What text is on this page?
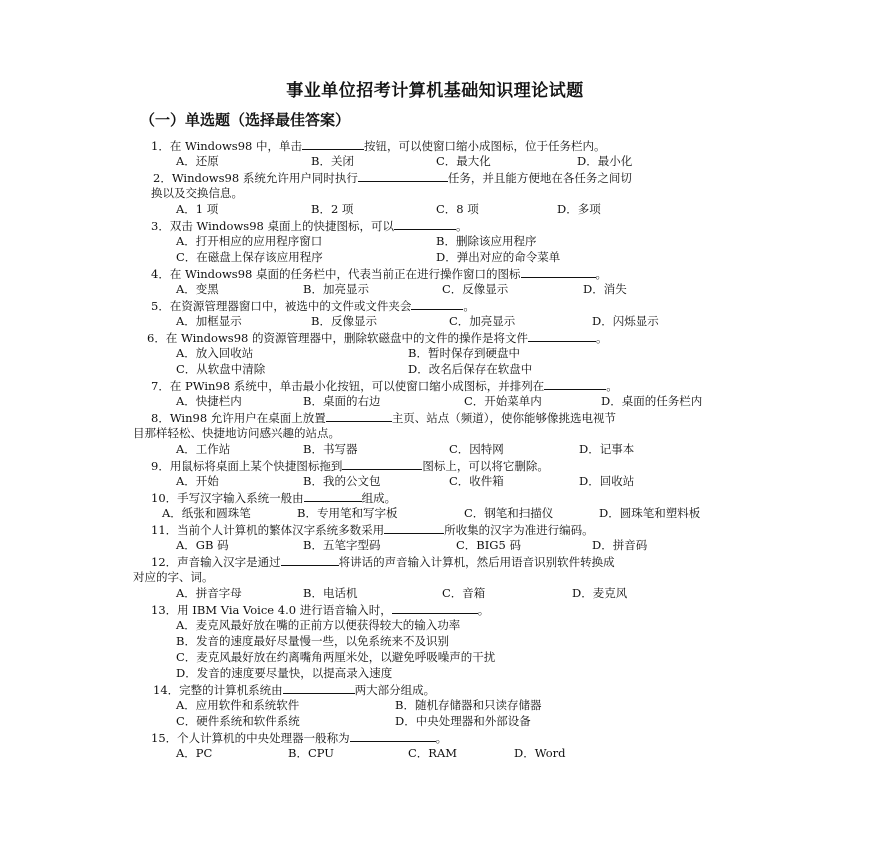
事业单位招考计算机基础知识理论试题
（一）单选题（选择最佳答案）
1．在 Windows98 中，单击	按钮，可以使窗口缩小成图标，位于任务栏内。
A．还原	B．关闭	C．最大化	D．最小化
2．Windows98 系统允许用户同时执行	任务，并且能方便地在各任务之间切
换以及交换信息。
A．1 项	B．2 项	C．8 项	D．多项
3．双击 Windows98 桌面上的快捷图标，可以	。
A．打开相应的应用程序窗口	B．删除该应用程序
C．在磁盘上保存该应用程序	D．弹出对应的命令菜单
4．在 Windows98 桌面的任务栏中，代表当前正在进行操作窗口的图标	。
A．变黑	B．加亮显示	C．反像显示	D．消失
5．在资源管理器窗口中，被选中的文件或文件夹会	。
A．加框显示	B．反像显示	C．加亮显示	D．闪烁显示
6．在 Windows98 的资源管理器中，删除软磁盘中的文件的操作是将文件	。
A．放入回收站	B．暂时保存到硬盘中
C．从软盘中清除	D．改名后保存在软盘中
7．在 PWin98 系统中，单击最小化按钮，可以使窗口缩小成图标，并排列在	。
A．快捷栏内	B．桌面的右边	C．开始菜单内	D．桌面的任务栏内
8．Win98 允许用户在桌面上放置	主页、站点（频道），使你能够像挑选电视节
目那样轻松、快捷地访问感兴趣的站点。
A．工作站	B．书写器	C．因特网	D．记事本
9．用鼠标将桌面上某个快捷图标拖到	图标上，可以将它删除。
A．开始	B．我的公文包	C．收件箱	D．回收站
10．手写汉字输入系统一般由	组成。
A．纸张和圆珠笔	B．专用笔和写字板	C．钢笔和扫描仪	D．圆珠笔和塑料板
11．当前个人计算机的繁体汉字系统多数采用	所收集的汉字为准进行编码。
A．GB 码	B．五笔字型码	C．BIG5 码	D．拼音码
12．声音输入汉字是通过	将讲话的声音输入计算机，然后用语音识别软件转换成
对应的字、词。
A．拼音字母	B．电话机	C．音箱	D．麦克风
13．用 IBM Via Voice 4.0 进行语音输入时，	。
A．麦克风最好放在嘴的正前方以便获得较大的输入功率
B．发音的速度最好尽量慢一些，以免系统来不及识别
C．麦克风最好放在约离嘴角两厘米处，以避免呼吸噪声的干扰
D．发音的速度要尽量快，以提高录入速度
14．完整的计算机系统由	两大部分组成。
A．应用软件和系统软件	B．随机存储器和只读存储器
C．硬件系统和软件系统	D．中央处理器和外部设备
15．个人计算机的中央处理器一般称为	。
A．PC	B．CPU	C．RAM	D．Word
